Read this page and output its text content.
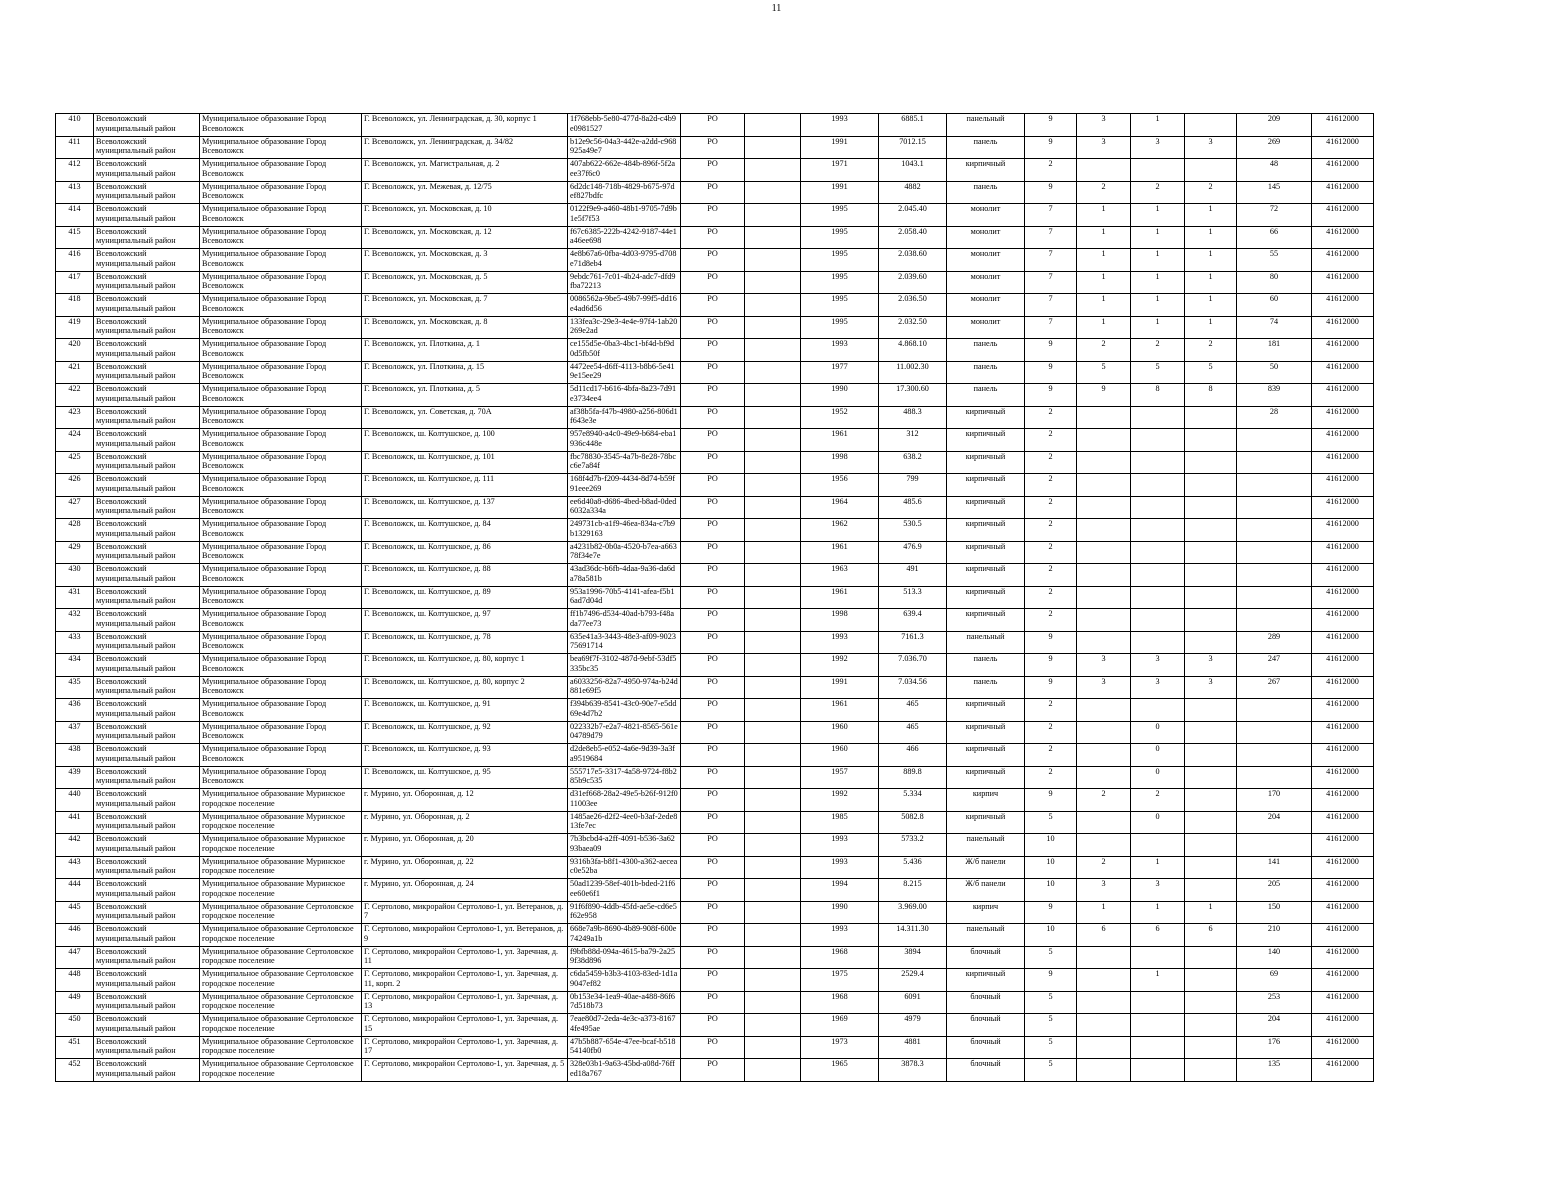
11
410	Всеволожский муниципальный район	Муниципальное образование Город Всеволожск	Г. Всеволожск, ул. Ленинградская, д. 30, корпус 1	1f768ebb-5e80-477d-8a2d-c4b9e0981527	РО		1993	6885.1	панельный	9	3	1		209	41612000
411	Всеволожский муниципальный район	Муниципальное образование Город Всеволожск	Г. Всеволожск, ул. Ленинградская, д. 34/82	b12e9c56-04a3-442e-a2dd-c968925a49e7	РО		1991	7012.15	панель	9	3	3	3	269	41612000
412	Всеволожский муниципальный район	Муниципальное образование Город Всеволожск	Г. Всеволожск, ул. Магистральная, д. 2	407ab622-662e-484b-896f-5f2aee37f6c0	РО		1971	1043.1	кирпичный	2				48	41612000
413	Всеволожский муниципальный район	Муниципальное образование Город Всеволожск	Г. Всеволожск, ул. Межевая, д. 12/75	6d2dc148-718b-4829-b675-97def827bdfc	РО		1991	4882	панель	9	2	2	2	145	41612000
414	Всеволожский муниципальный район	Муниципальное образование Город Всеволожск	Г. Всеволожск, ул. Московская, д. 10	0122f9e9-a460-48b1-9705-7d9b1e5f7f53	РО		1995	2.045.40	монолит	7	1	1	1	72	41612000
415	Всеволожский муниципальный район	Муниципальное образование Город Всеволожск	Г. Всеволожск, ул. Московская, д. 12	f67c6385-222b-4242-9187-44e1a46ee698	РО		1995	2.058.40	монолит	7	1	1	1	66	41612000
416	Всеволожский муниципальный район	Муниципальное образование Город Всеволожск	Г. Всеволожск, ул. Московская, д. 3	4e8b67a6-0fba-4d03-9795-d708e71d8eb4	РО		1995	2.038.60	монолит	7	1	1	1	55	41612000
417	Всеволожский муниципальный район	Муниципальное образование Город Всеволожск	Г. Всеволожск, ул. Московская, д. 5	9ebdc761-7c01-4b24-adc7-dfd9fba72213	РО		1995	2.039.60	монолит	7	1	1	1	80	41612000
418	Всеволожский муниципальный район	Муниципальное образование Город Всеволожск	Г. Всеволожск, ул. Московская, д. 7	0086562a-9be5-49b7-99f5-dd16e4ad6d56	РО		1995	2.036.50	монолит	7	1	1	1	60	41612000
419	Всеволожский муниципальный район	Муниципальное образование Город Всеволожск	Г. Всеволожск, ул. Московская, д. 8	133fea3c-29e3-4e4e-97f4-1ab20269e2ad	РО		1995	2.032.50	монолит	7	1	1	1	74	41612000
420	Всеволожский муниципальный район	Муниципальное образование Город Всеволожск	Г. Всеволожск, ул. Плоткина, д. 1	ce155d5e-0ba3-4bc1-bf4d-bf9d0d5fb50f	РО		1993	4.868.10	панель	9	2	2	2	181	41612000
421	Всеволожский муниципальный район	Муниципальное образование Город Всеволожск	Г. Всеволожск, ул. Плоткина, д. 15	4472ee54-d6ff-4113-b8b6-5e419e15ee29	РО		1977	11.002.30	панель	9	5	5	5	50	41612000
422	Всеволожский муниципальный район	Муниципальное образование Город Всеволожск	Г. Всеволожск, ул. Плоткина, д. 5	5d11cd17-b616-4bfa-8a23-7d91e3734ee4	РО		1990	17.300.60	панель	9	9	8	8	839	41612000
423	Всеволожский муниципальный район	Муниципальное образование Город Всеволожск	Г. Всеволожск, ул. Советская, д. 70А	af38b5fa-f47b-4980-a256-806d1f643e3e	РО		1952	488.3	кирпичный	2				28	41612000
424	Всеволожский муниципальный район	Муниципальное образование Город Всеволожск	Г. Всеволожск, ш. Колтушское, д. 100	957e8940-a4c0-49e9-b684-eba1936c448e	РО		1961	312	кирпичный	2					41612000
425	Всеволожский муниципальный район	Муниципальное образование Город Всеволожск	Г. Всеволожск, ш. Колтушское, д. 101	fbc78830-3545-4a7b-8e28-78bcc6e7a84f	РО		1998	638.2	кирпичный	2					41612000
426	Всеволожский муниципальный район	Муниципальное образование Город Всеволожск	Г. Всеволожск, ш. Колтушское, д. 111	168f4d7b-f209-4434-8d74-b59f91eee269	РО		1956	799	кирпичный	2					41612000
427	Всеволожский муниципальный район	Муниципальное образование Город Всеволожск	Г. Всеволожск, ш. Колтушское, д. 137	ee6d40a8-d686-4bed-b8ad-0ded6032a334a	РО		1964	485.6	кирпичный	2					41612000
428	Всеволожский муниципальный район	Муниципальное образование Город Всеволожск	Г. Всеволожск, ш. Колтушское, д. 84	249731cb-a1f9-46ea-834a-c7b9b1329163	РО		1962	530.5	кирпичный	2					41612000
429	Всеволожский муниципальный район	Муниципальное образование Город Всеволожск	Г. Всеволожск, ш. Колтушское, д. 86	a4231b82-0b0a-4520-b7ea-a66378f34e7e	РО		1961	476.9	кирпичный	2					41612000
430	Всеволожский муниципальный район	Муниципальное образование Город Всеволожск	Г. Всеволожск, ш. Колтушское, д. 88	43ad36dc-b6fb-4daa-9a36-da6da78a581b	РО		1963	491	кирпичный	2					41612000
431	Всеволожский муниципальный район	Муниципальное образование Город Всеволожск	Г. Всеволожск, ш. Колтушское, д. 89	953a1996-70b5-4141-afea-f5b16ad7d04d	РО		1961	513.3	кирпичный	2					41612000
432	Всеволожский муниципальный район	Муниципальное образование Город Всеволожск	Г. Всеволожск, ш. Колтушское, д. 97	ff1b7496-d534-40ad-b793-f48ada77ee73	РО		1998	639.4	кирпичный	2					41612000
433	Всеволожский муниципальный район	Муниципальное образование Город Всеволожск	Г. Всеволожск, ш. Колтушское, д. 78	635e41a3-3443-48e3-af09-902375691714	РО		1993	7161.3	панельный	9				289	41612000
434	Всеволожский муниципальный район	Муниципальное образование Город Всеволожск	Г. Всеволожск, ш. Колтушское, д. 80, корпус 1	bea69f7f-3102-487d-9ebf-53df5335bc35	РО		1992	7.036.70	панель	9	3	3	3	247	41612000
435	Всеволожский муниципальный район	Муниципальное образование Город Всеволожск	Г. Всеволожск, ш. Колтушское, д. 80, корпус 2	a6033256-82a7-4950-974a-b24d881e69f5	РО		1991	7.034.56	панель	9	3	3	3	267	41612000
436	Всеволожский муниципальный район	Муниципальное образование Город Всеволожск	Г. Всеволожск, ш. Колтушское, д. 91	f394b639-8541-43c0-90e7-e5dd69e4d7b2	РО		1961	465	кирпичный	2					41612000
437	Всеволожский муниципальный район	Муниципальное образование Город Всеволожск	Г. Всеволожск, ш. Колтушское, д. 92	022332b7-e2a7-4821-8565-561e04789d79	РО		1960	465	кирпичный	2		0			41612000
438	Всеволожский муниципальный район	Муниципальное образование Город Всеволожск	Г. Всеволожск, ш. Колтушское, д. 93	d2de8eb5-e052-4a6e-9d39-3a3fa9519684	РО		1960	466	кирпичный	2		0			41612000
439	Всеволожский муниципальный район	Муниципальное образование Город Всеволожск	Г. Всеволожск, ш. Колтушское, д. 95	555717e5-3317-4a58-9724-f8b285b9c535	РО		1957	889.8	кирпичный	2		0			41612000
440	Всеволожский муниципальный район	Муниципальное образование Муринское городское поселение	г. Мурино, ул. Оборонная, д. 12	d31ef668-28a2-49e5-b26f-912f011003ee	РО		1992	5.334	кирпич	9	2	2		170	41612000
441	Всеволожский муниципальный район	Муниципальное образование Муринское городское поселение	г. Мурино, ул. Оборонная, д. 2	1485ae26-d2f2-4ee0-b3af-2ede813fe7ec	РО		1985	5082.8	кирпичный	5		0		204	41612000
442	Всеволожский муниципальный район	Муниципальное образование Муринское городское поселение	г. Мурино, ул. Оборонная, д. 20	7b3bcbd4-a2ff-4091-b536-3a6293baea09	РО		1993	5733.2	панельный	10					41612000
443	Всеволожский муниципальный район	Муниципальное образование Муринское городское поселение	г. Мурино, ул. Оборонная, д. 22	9316b3fa-b8f1-4300-a362-aeceac0e52ba	РО		1993	5.436	Ж/б панели	10	2	1		141	41612000
444	Всеволожский муниципальный район	Муниципальное образование Муринское городское поселение	г. Мурино, ул. Оборонная, д. 24	50ad1239-58ef-401b-bded-21f6ee60e6f1	РО		1994	8.215	Ж/б панели	10	3	3		205	41612000
445	Всеволожский муниципальный район	Муниципальное образование Сертоловское городское поселение	Г. Сертолово, микрорайон Сертолово-1, ул. Ветеранов, д. 7	91f6f890-4ddb-45fd-ae5e-cd6e5f62e958	РО		1990	3.969.00	кирпич	9	1	1	1	150	41612000
446	Всеволожский муниципальный район	Муниципальное образование Сертоловское городское поселение	Г. Сертолово, микрорайон Сертолово-1, ул. Ветеранов, д. 9	668e7a9b-8690-4b89-908f-600e74249a1b	РО		1993	14.311.30	панельный	10	6	6	6	210	41612000
447	Всеволожский муниципальный район	Муниципальное образование Сертоловское городское поселение	Г. Сертолово, микрорайон Сертолово-1, ул. Заречная, д. 11	f9bfb88d-094a-4615-ba79-2a259f38d896	РО		1968	3894	блочный	5				140	41612000
448	Всеволожский муниципальный район	Муниципальное образование Сертоловское городское поселение	Г. Сертолово, микрорайон Сертолово-1, ул. Заречная, д. 11, корп. 2	c6da5459-b3b3-4103-83ed-1d1a9047ef82	РО		1975	2529.4	кирпичный	9		1		69	41612000
449	Всеволожский муниципальный район	Муниципальное образование Сертоловское городское поселение	Г. Сертолово, микрорайон Сертолово-1, ул. Заречная, д. 13	0b153e34-1ea9-40ae-a488-86f67d518b73	РО		1968	6091	блочный	5				253	41612000
450	Всеволожский муниципальный район	Муниципальное образование Сертоловское городское поселение	Г. Сертолово, микрорайон Сертолово-1, ул. Заречная, д. 15	7eae80d7-2eda-4e3c-a373-81674fe495ae	РО		1969	4979	блочный	5				204	41612000
451	Всеволожский муниципальный район	Муниципальное образование Сертоловское городское поселение	Г. Сертолово, микрорайон Сертолово-1, ул. Заречная, д. 17	47b5b887-654e-47ee-bcaf-b51854140fb0	РО		1973	4881	блочный	5				176	41612000
452	Всеволожский муниципальный район	Муниципальное образование Сертоловское городское поселение	Г. Сертолово, микрорайон Сертолово-1, ул. Заречная, д. 5	328e03b1-9a63-45bd-a08d-76ffed18a767	РО		1965	3878.3	блочный	5				135	41612000
